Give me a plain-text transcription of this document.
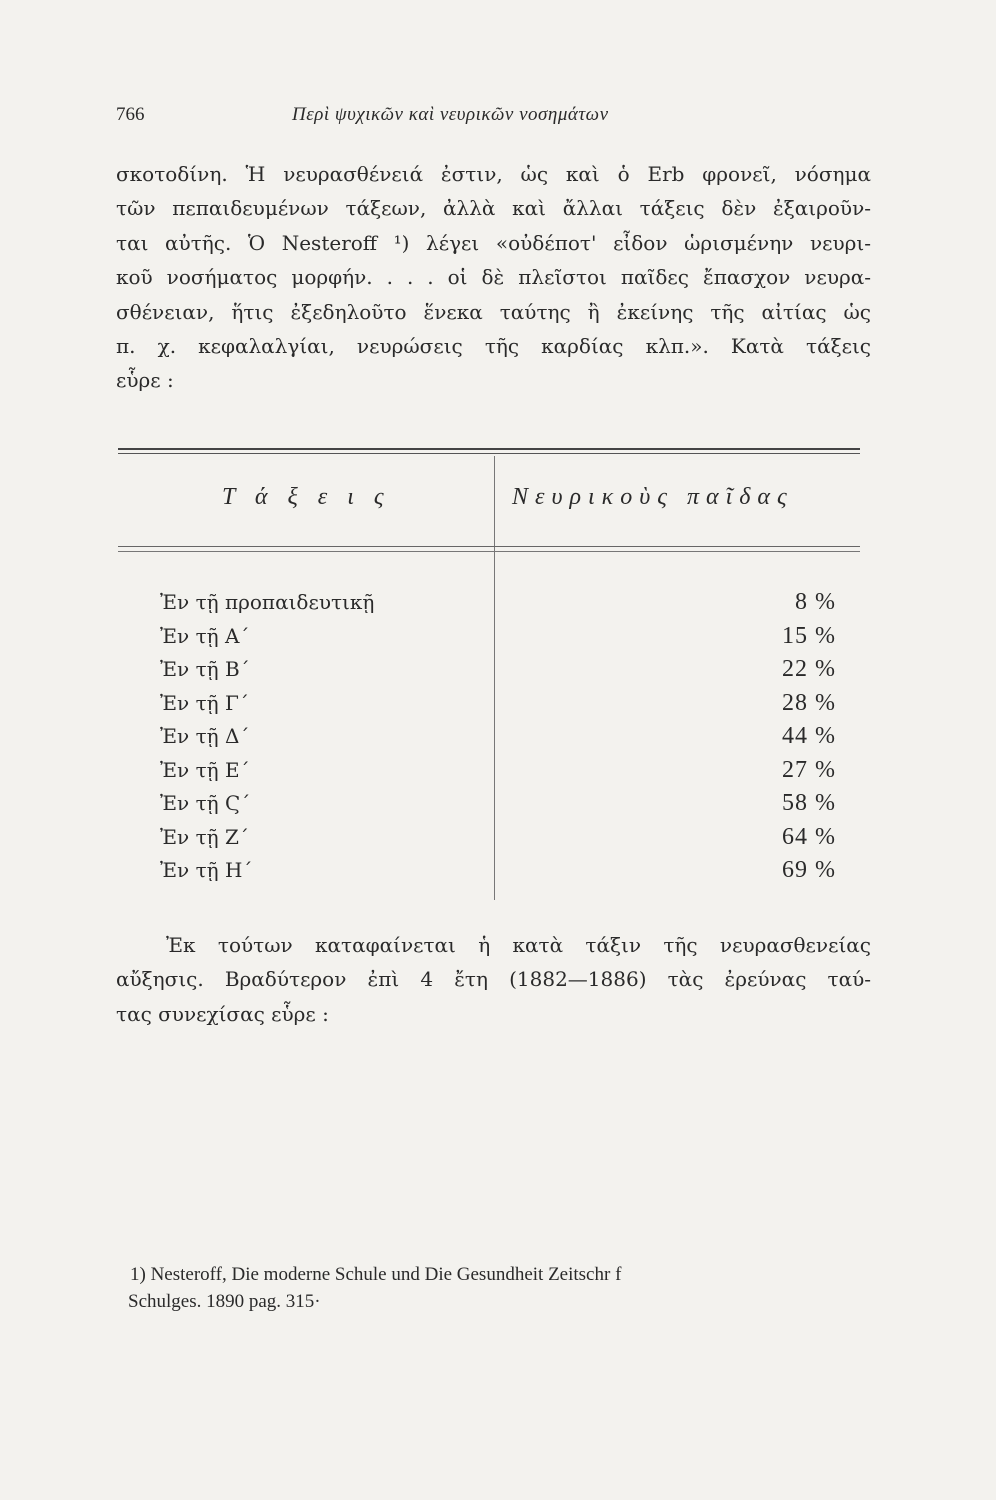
766	Περὶ ψυχικῶν καὶ νευρικῶν νοσημάτων
σκοτοδίνη. Ἡ νευρασθένειά ἐστιν, ὡς καὶ ὁ Erb φρονεῖ, νόσημα
τῶν πεπαιδευμένων τάξεων, ἀλλὰ καὶ ἄλλαι τάξεις δὲν ἐξαιροῦν-
ται αὐτῆς. Ὁ Nesteroff ¹) λέγει «οὐδέποτ' εἶδον ὡρισμένην νευρι-
κοῦ νοσήματος μορφήν. . . . οἱ δὲ πλεῖστοι παῖδες ἔπασχον νευρα-
σθένειαν, ἥτις ἐξεδηλοῦτο ἕνεκα ταύτης ἢ ἐκείνης τῆς αἰτίας ὡς
π. χ. κεφαλαλγίαι, νευρώσεις τῆς καρδίας κλπ.». Κατὰ τάξεις
εὗρε :
Τ ά ξ ε ι ς	Νευρικοὺς παῖδας
Ἐν τῇ προπαιδευτικῇ	8 %
Ἐν τῇ Α΄	15 %
Ἐν τῇ Β΄	22 %
Ἐν τῇ Γ΄	28 %
Ἐν τῇ Δ΄	44 %
Ἐν τῇ Ε΄	27 %
Ἐν τῇ Ϛ΄	58 %
Ἐν τῇ Ζ΄	64 %
Ἐν τῇ Η΄	69 %
Ἐκ τούτων καταφαίνεται ἡ κατὰ τάξιν τῆς νευρασθενείας
αὔξησις. Βραδύτερον ἐπὶ 4 ἔτη (1882—1886) τὰς ἐρεύνας ταύ-
τας συνεχίσας εὗρε :
1) Nesteroff, Die moderne Schule und Die Gesundheit Zeitschr f
Schulges. 1890 pag. 315·
